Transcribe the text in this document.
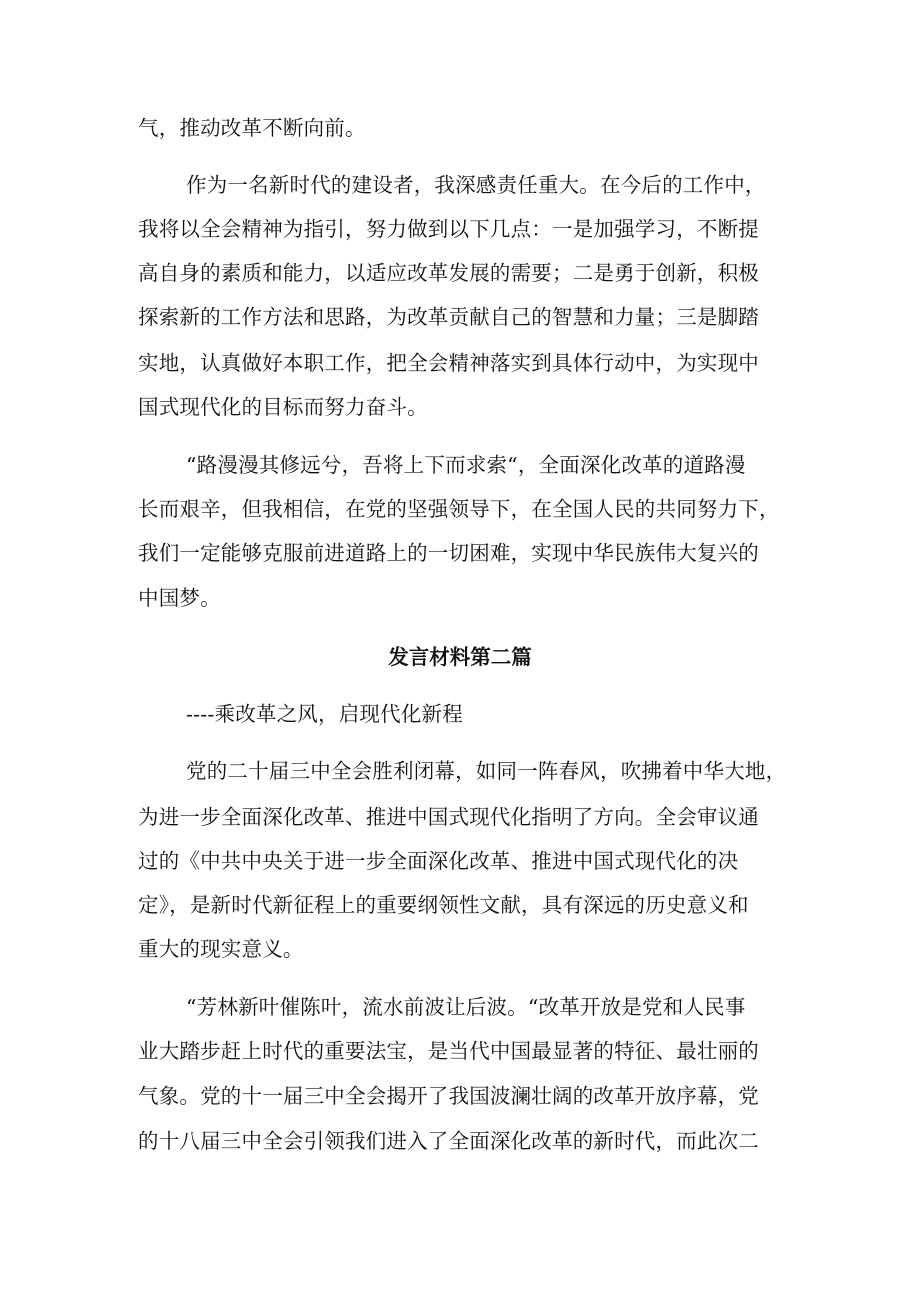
气，推动改革不断向前。
作为一名新时代的建设者，我深感责任重大。在今后的工作中，
我将以全会精神为指引，努力做到以下几点：一是加强学习，不断提
高自身的素质和能力，以适应改革发展的需要；二是勇于创新，积极
探索新的工作方法和思路，为改革贡献自己的智慧和力量；三是脚踏
实地，认真做好本职工作，把全会精神落实到具体行动中，为实现中
国式现代化的目标而努力奋斗。
“路漫漫其修远兮，吾将上下而求索“，全面深化改革的道路漫
长而艰辛，但我相信，在党的坚强领导下，在全国人民的共同努力下，
我们一定能够克服前进道路上的一切困难，实现中华民族伟大复兴的
中国梦。
发言材料第二篇
----乘改革之风，启现代化新程
党的二十届三中全会胜利闭幕，如同一阵春风，吹拂着中华大地，
为进一步全面深化改革、推进中国式现代化指明了方向。全会审议通
过的《中共中央关于进一步全面深化改革、推进中国式现代化的决
定》，是新时代新征程上的重要纲领性文献，具有深远的历史意义和
重大的现实意义。
“芳林新叶催陈叶，流水前波让后波。“改革开放是党和人民事
业大踏步赶上时代的重要法宝，是当代中国最显著的特征、最壮丽的
气象。党的十一届三中全会揭开了我国波澜壮阔的改革开放序幕，党
的十八届三中全会引领我们进入了全面深化改革的新时代，而此次二
